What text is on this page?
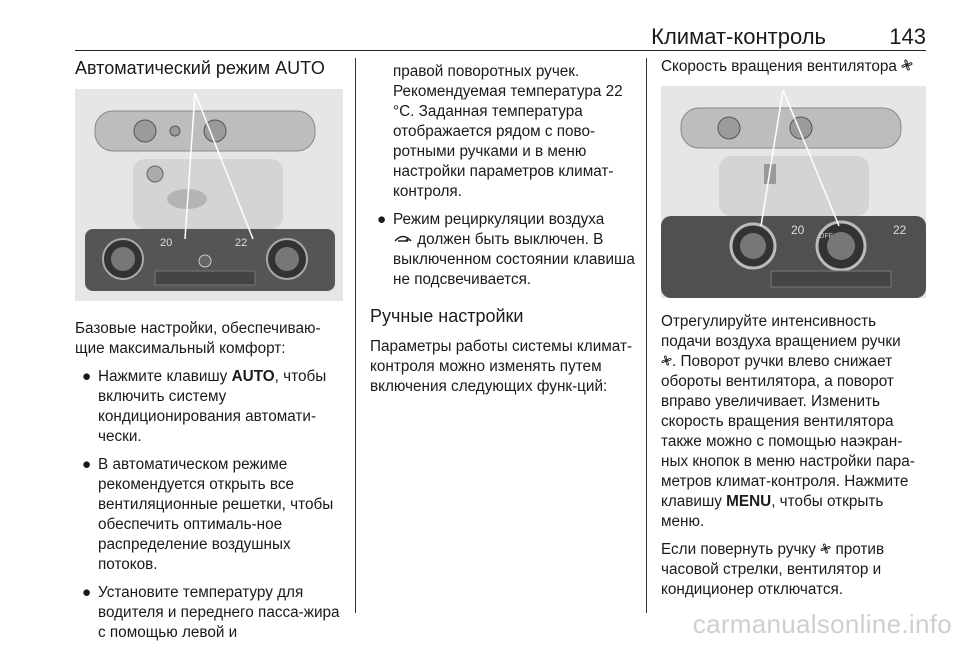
Климат-контроль	143
Автоматический режим AUTO
20	22

Базовые настройки, обеспечиваю-щие максимальный комфорт:

● Нажмите клавишу AUTO, чтобы включить систему кондиционирования автомати-чески.
● В автоматическом режиме рекомендуется открыть все вентиляционные решетки, чтобы обеспечить оптималь-ное распределение воздушных потоков.
● Установите температуру для водителя и переднего пасса-жира с помощью левой и

правой поворотных ручек. Рекомендуемая температура 22 °C. Заданная температура отображается рядом с пово-ротными ручками и в меню настройки параметров климат-контроля.

● Режим рециркуляции воздуха
должен быть выключен. В выключенном состоянии клавиша не подсвечивается.
Ручные настройки

Параметры работы системы климат-контроля можно изменять путем включения следующих функ-ций:

Скорость вращения вентилятора
20	22
OFF

Отрегулируйте интенсивность подачи воздуха вращением ручки
. Поворот ручки влево снижает обороты вентилятора, а поворот вправо увеличивает. Изменить скорость вращения вентилятора также можно с помощью наэкран-ных кнопок в меню настройки пара-метров климат-контроля. Нажмите клавишу MENU, чтобы открыть меню.

Если повернуть ручку  против часовой стрелки, вентилятор и кондиционер отключатся.

carmanualsonline.info
